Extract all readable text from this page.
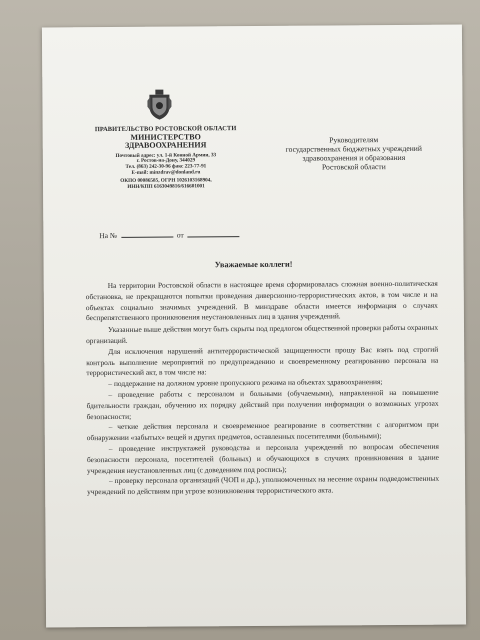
ПРАВИТЕЛЬСТВО РОСТОВСКОЙ ОБЛАСТИ
МИНИСТЕРСТВО
ЗДРАВООХРАНЕНИЯ
Почтовый адрес: ул. 1-й Конной Армии, 33
г. Ростов-на-Дону, 344029
Тел. (863) 242-30-96 факс 223-77-91
E-mail: minzdrav@donland.ru
ОКПО 00086585, ОГРН 1026103168904,
ИНН/КПП 6163049816/616601001
Руководителям
государственных бюджетных учреждений
здравоохранения и образования
Ростовской области
На №	от
Уважаемые коллеги!

На территории Ростовской области в настоящее время сформировалась сложная военно-политическая обстановка, не прекращаются попытки проведения диверсионно-террористических актов, в том числе и на объектах социально значимых учреждений. В минздраве области имеется информация о случаях беспрепятственного проникновения неустановленных лиц в здания учреждений.

Указанные выше действия могут быть скрыты под предлогом общественной проверки работы охранных организаций.

Для исключения нарушений антитеррористической защищенности прошу Вас взять под строгий контроль выполнение мероприятий по предупреждению и своевременному реагированию персонала на террористический акт, в том числе на:

– поддержание на должном уровне пропускного режима на объектах здравоохранения;

– проведение работы с персоналом и больными (обучаемыми), направленной на повышение бдительности граждан, обучению их порядку действий при получении информации о возможных угрозах безопасности;

– четкие действия персонала и своевременное реагирование в соответствии с алгоритмом при обнаружении «забытых» вещей и других предметов, оставленных посетителями (больными);

– проведение инструктажей руководства и персонала учреждений по вопросам обеспечения безопасности персонала, посетителей (больных) и обучающихся в случаях проникновения в здание учреждения неустановленных лиц (с доведением под роспись);

– проверку персонала организаций (ЧОП и др.), уполномоченных на несение охраны подведомственных учреждений по действиям при угрозе возникновения террористического акта.
